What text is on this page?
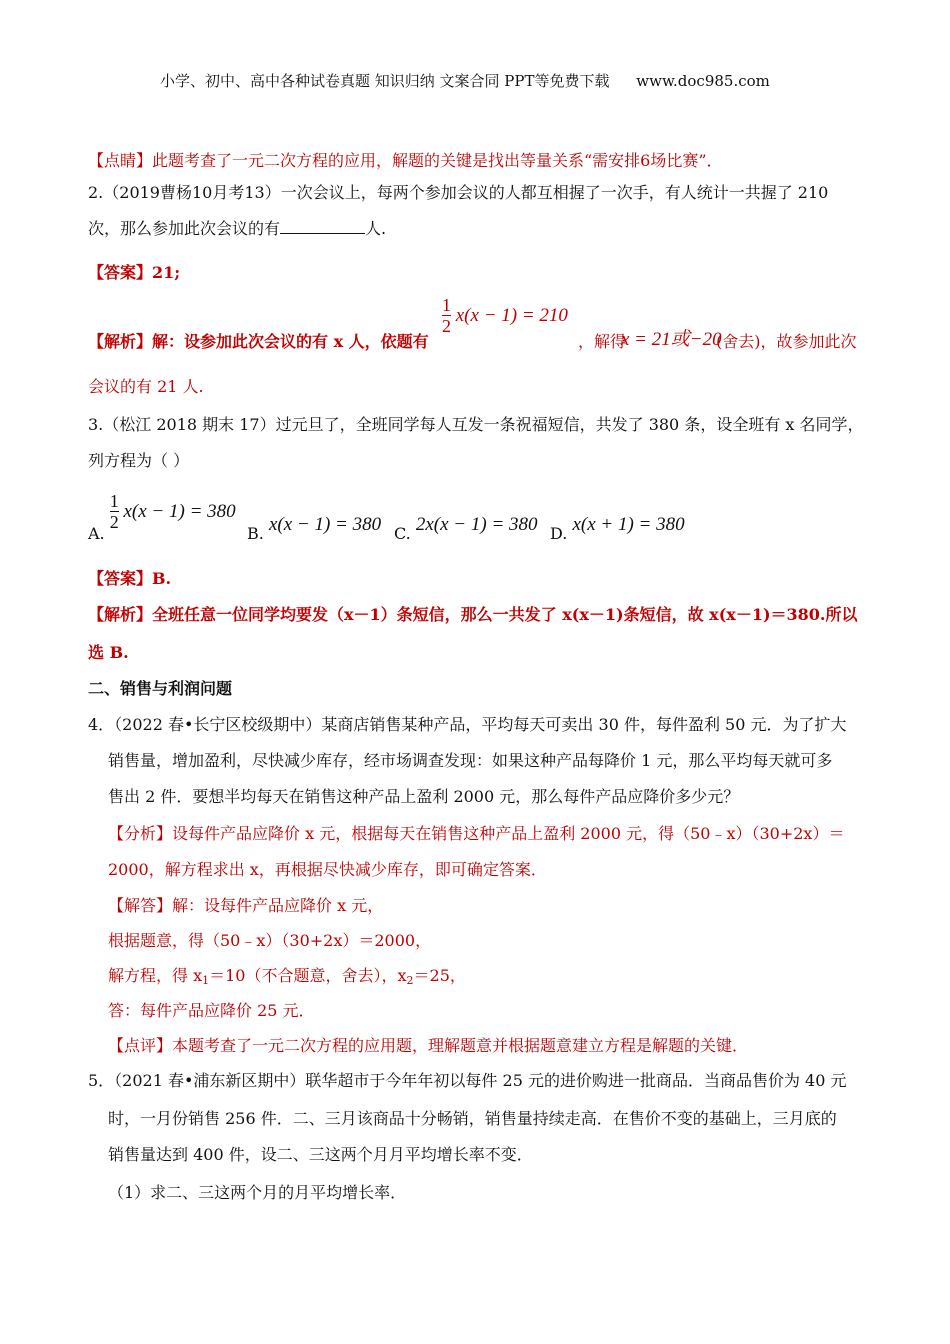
小学、初中、高中各种试卷真题 知识归纳 文案合同 PPT等免费下载 www.doc985.com
【点睛】此题考查了一元二次方程的应用，解题的关键是找出等量关系“需安排6场比赛”．
2.（2019曹杨10月考13）一次会议上，每两个参加会议的人都互相握了一次手，有人统计一共握了 210
次，那么参加此次会议的有	人.
【答案】21;
【解析】解：设参加此次会议的有 x 人，依题有
$\frac{1}{2} x(x - 1) = 210$
，解得
x = 21或−20
(舍去)，故参加此次
会议的有 21 人.
3.（松江 2018 期末 17）过元旦了，全班同学每人互发一条祝福短信，共发了 380 条，设全班有 x 名同学，
列方程为（ ）
A.
$\frac{1}{2} x(x - 1) = 380$
B. x(x − 1) = 380 C. 2x(x − 1) = 380 D. x(x + 1) = 380
【答案】B.
【解析】全班任意一位同学均要发（x－1）条短信，那么一共发了 x(x－1)条短信，故 x(x－1)＝380.所以
选 B.
二、销售与利润问题
4．（2022 春•长宁区校级期中）某商店销售某种产品，平均每天可卖出 30 件，每件盈利 50 元．为了扩大
销售量，增加盈利，尽快减少库存，经市场调查发现：如果这种产品每降价 1 元，那么平均每天就可多
售出 2 件．要想半均每天在销售这种产品上盈利 2000 元，那么每件产品应降价多少元？
【分析】设每件产品应降价 x 元，根据每天在销售这种产品上盈利 2000 元，得（50﹣x）（30+2x）＝
2000，解方程求出 x，再根据尽快减少库存，即可确定答案．
【解答】解：设每件产品应降价 x 元，
根据题意，得（50﹣x）（30+2x）＝2000，
解方程，得 $x_1=10$（不合题意，舍去），$x_2=25$，
答：每件产品应降价 25 元．
【点评】本题考查了一元二次方程的应用题，理解题意并根据题意建立方程是解题的关键．
5．（2021 春•浦东新区期中）联华超市于今年年初以每件 25 元的进价购进一批商品．当商品售价为 40 元
时，一月份销售 256 件．二、三月该商品十分畅销，销售量持续走高．在售价不变的基础上，三月底的
销售量达到 400 件，设二、三这两个月月平均增长率不变．
（1）求二、三这两个月的月平均增长率．
